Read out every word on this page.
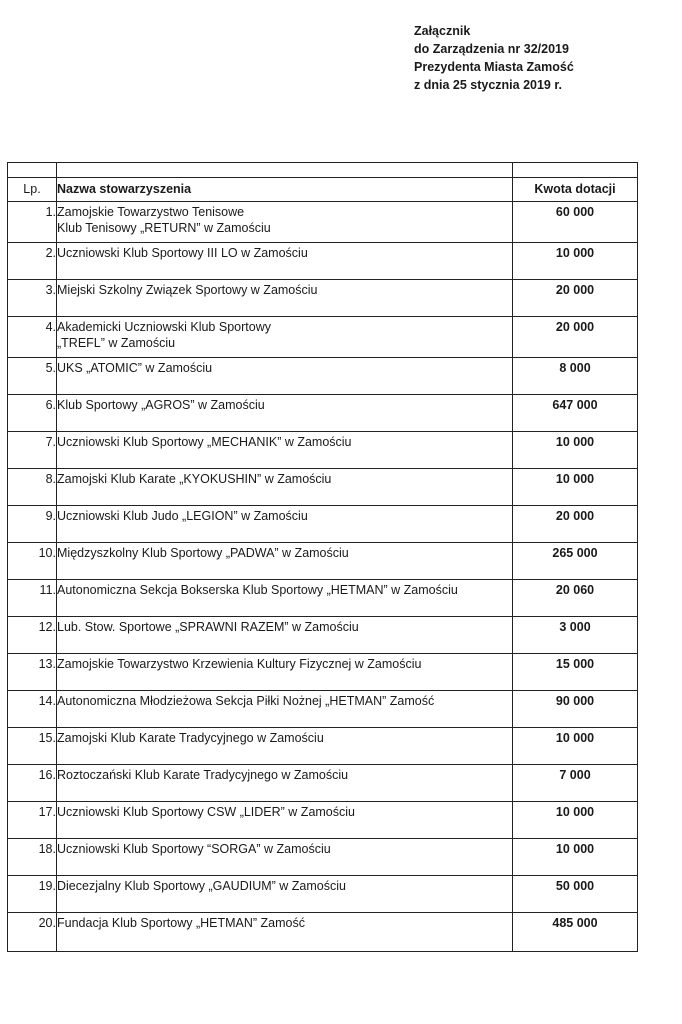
Załącznik
do Zarządzenia nr 32/2019
Prezydenta Miasta Zamość
z dnia 25 stycznia 2019 r.

Lp.	Nazwa stowarzyszenia	Kwota dotacji
1.	Zamojskie Towarzystwo Tenisowe
Klub Tenisowy „RETURN” w Zamościu	60 000
2.	Uczniowski Klub Sportowy III LO w Zamościu	10 000
3.	Miejski Szkolny Związek Sportowy w Zamościu	20 000
4.	Akademicki Uczniowski Klub Sportowy
„TREFL” w Zamościu	20 000
5.	UKS „ATOMIC” w Zamościu	8 000
6.	Klub Sportowy „AGROS” w Zamościu	647 000
7.	Uczniowski Klub Sportowy „MECHANIK” w Zamościu	10 000
8.	Zamojski Klub Karate „KYOKUSHIN” w Zamościu	10 000
9.	Uczniowski Klub Judo „LEGION” w Zamościu	20 000
10.	Międzyszkolny Klub Sportowy „PADWA” w Zamościu	265 000
11.	Autonomiczna Sekcja Bokserska Klub Sportowy „HETMAN” w Zamościu	20 060
12.	Lub. Stow. Sportowe „SPRAWNI RAZEM” w Zamościu	3 000
13.	Zamojskie Towarzystwo Krzewienia Kultury Fizycznej w Zamościu	15 000
14.	Autonomiczna Młodzieżowa Sekcja Piłki Nożnej „HETMAN” Zamość	90 000
15.	Zamojski Klub Karate Tradycyjnego w Zamościu	10 000
16.	Roztoczański Klub Karate Tradycyjnego w Zamościu	7 000
17.	Uczniowski Klub Sportowy CSW „LIDER” w Zamościu	10 000
18.	Uczniowski Klub Sportowy “SORGA” w Zamościu	10 000
19.	Diecezjalny Klub Sportowy „GAUDIUM” w Zamościu	50 000
20.	Fundacja Klub Sportowy „HETMAN” Zamość	485 000
